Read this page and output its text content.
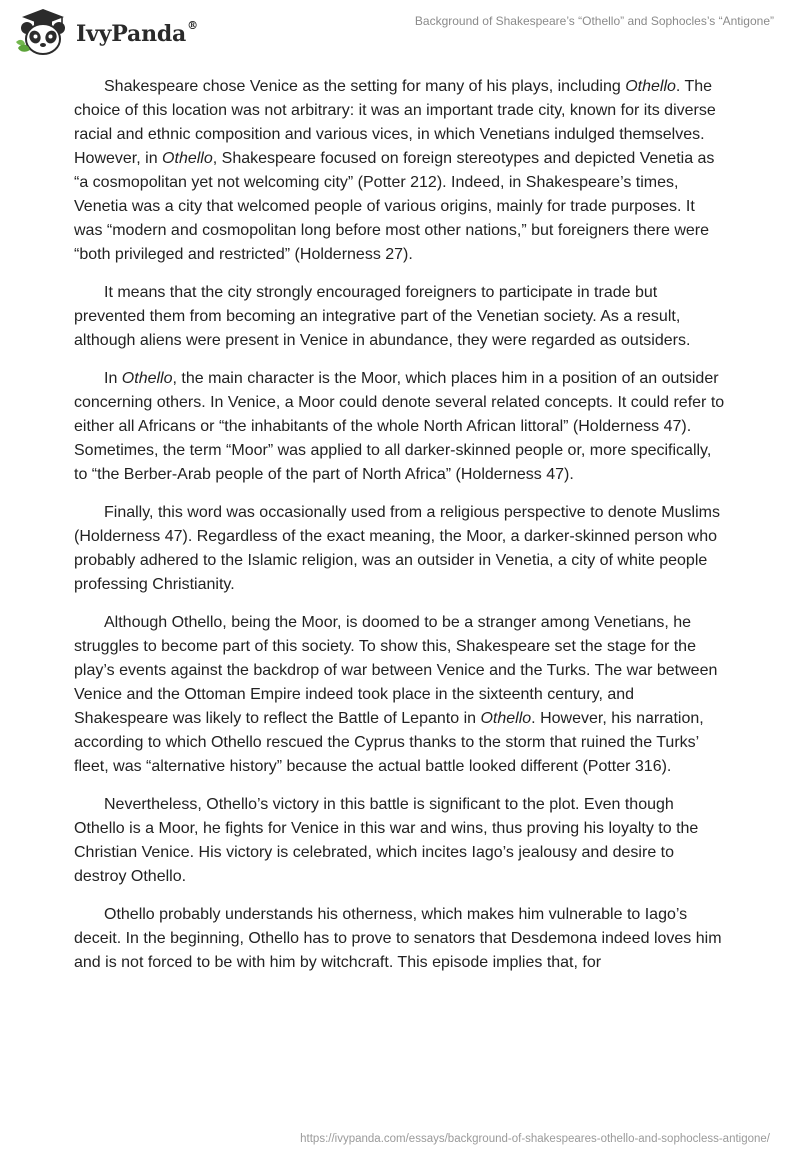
IvyPanda®	Background of Shakespeare’s “Othello” and Sophocles’s “Antigone”

Shakespeare chose Venice as the setting for many of his plays, including Othello. The choice of this location was not arbitrary: it was an important trade city, known for its diverse racial and ethnic composition and various vices, in which Venetians indulged themselves. However, in Othello, Shakespeare focused on foreign stereotypes and depicted Venetia as “a cosmopolitan yet not welcoming city” (Potter 212). Indeed, in Shakespeare’s times, Venetia was a city that welcomed people of various origins, mainly for trade purposes. It was “modern and cosmopolitan long before most other nations,” but foreigners there were “both privileged and restricted” (Holderness 27).

It means that the city strongly encouraged foreigners to participate in trade but prevented them from becoming an integrative part of the Venetian society. As a result, although aliens were present in Venice in abundance, they were regarded as outsiders.

In Othello, the main character is the Moor, which places him in a position of an outsider concerning others. In Venice, a Moor could denote several related concepts. It could refer to either all Africans or “the inhabitants of the whole North African littoral” (Holderness 47). Sometimes, the term “Moor” was applied to all darker-skinned people or, more specifically, to “the Berber-Arab people of the part of North Africa” (Holderness 47).

Finally, this word was occasionally used from a religious perspective to denote Muslims (Holderness 47). Regardless of the exact meaning, the Moor, a darker-skinned person who probably adhered to the Islamic religion, was an outsider in Venetia, a city of white people professing Christianity.

Although Othello, being the Moor, is doomed to be a stranger among Venetians, he struggles to become part of this society. To show this, Shakespeare set the stage for the play’s events against the backdrop of war between Venice and the Turks. The war between Venice and the Ottoman Empire indeed took place in the sixteenth century, and Shakespeare was likely to reflect the Battle of Lepanto in Othello. However, his narration, according to which Othello rescued the Cyprus thanks to the storm that ruined the Turks’ fleet, was “alternative history” because the actual battle looked different (Potter 316).

Nevertheless, Othello’s victory in this battle is significant to the plot. Even though Othello is a Moor, he fights for Venice in this war and wins, thus proving his loyalty to the Christian Venice. His victory is celebrated, which incites Iago’s jealousy and desire to destroy Othello.

Othello probably understands his otherness, which makes him vulnerable to Iago’s deceit. In the beginning, Othello has to prove to senators that Desdemona indeed loves him and is not forced to be with him by witchcraft. This episode implies that, for

https://ivypanda.com/essays/background-of-shakespeares-othello-and-sophocless-antigone/
